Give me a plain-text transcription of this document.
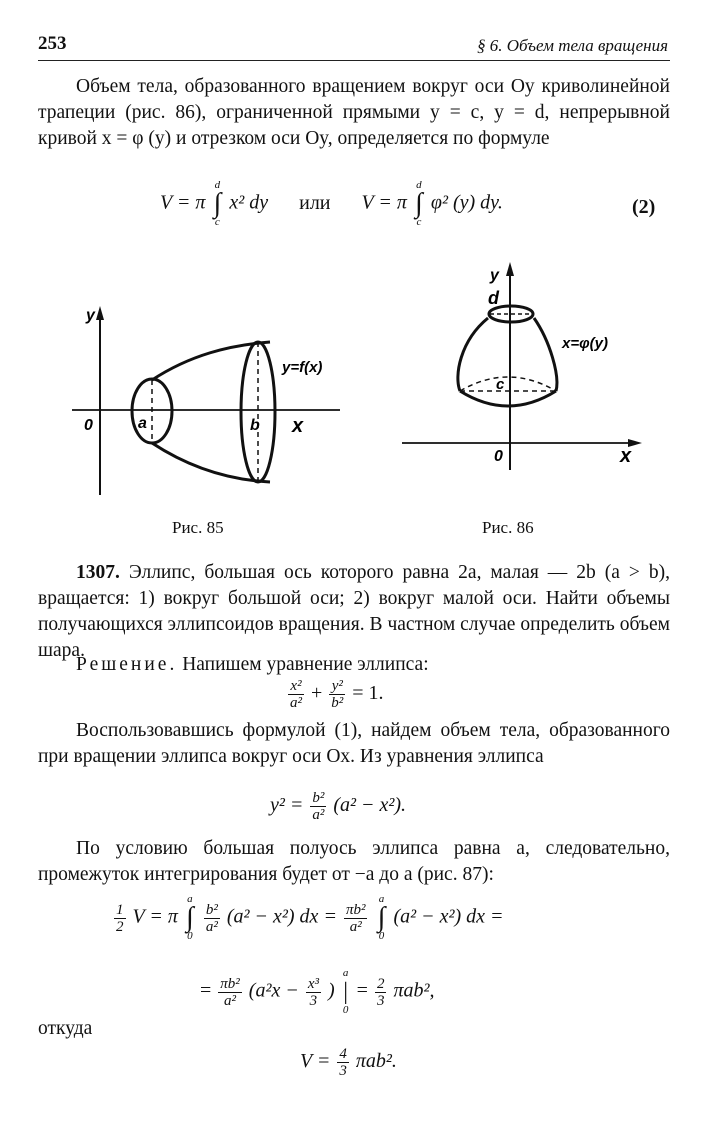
253	§ 6. Объем тела вращения
Объем тела, образованного вращением вокруг оси Oy криволинейной трапеции (рис. 86), ограниченной прямыми y = c, y = d, непрерывной кривой x = φ (y) и отрезком оси Oy, определяется по формуле
V = π
d
∫
c
x² dy или V = π
d
∫
c
φ² (y) dy.	(2)
y
0	a	b x
y=f(x)
Рис. 85
y
d
c
x=φ(y)
0	x
Рис. 86
1307. Эллипс, большая ось которого равна 2a, малая — 2b (a > b), вращается: 1) вокруг большой оси; 2) вокруг малой оси. Найти объемы получающихся эллипсоидов вращения. В частном случае определить объем шара.
Решение. Напишем уравнение эллипса:
$\frac{\text{x²}}{\text{a²}} + \frac{\text{y²}}{\text{b²}} = 1$.
Воспользовавшись формулой (1), найдем объем тела, образованного при вращении эллипса вокруг оси Ox. Из уравнения эллипса
$y^2 = \frac{\text{b²}}{\text{a²}} (a^2 - x^2)$.
По условию большая полуось эллипса равна a, следовательно, промежуток интегрирования будет от −a до a (рис. 87):
$\frac{1}{2}$ V = π
a
∫
0

$\frac{\text{b²}}{\text{a²}} (a^2 - x^2)$ dx = $\frac{\text{πb²}}{\text{a²}}$

a
∫
0
(a² − x²) dx =
= $\frac{\text{πb²}}{\text{a²}} (a^2x - \frac{\text{x³}}{3}$ )
a
|
0
= $\frac{2}{3} \pi ab^2$,
откуда
$V = \frac{4}{3} \pi ab^2$.
